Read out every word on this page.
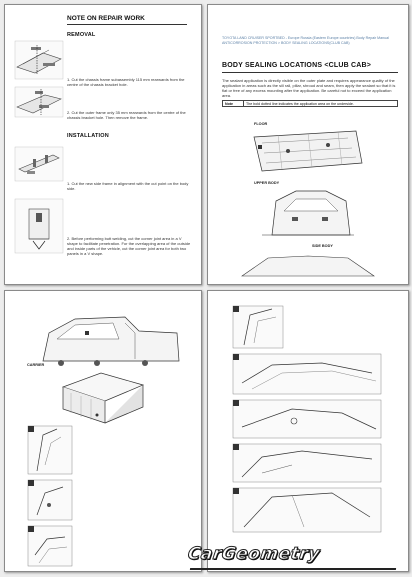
NOTE ON REPAIR WORK
REMOVAL
1. Cut the chassis frame subassembly 115 mm rearwards from the centre of the chassis bracket hole.
2. Cut the outer frame only 35 mm rearwards from the centre of the chassis bracket hole. Then remove the frame.
INSTALLATION
1. Cut the new side frame in alignment with the cut point on the body side.
2. Before performing butt welding, cut the corner joint area in a V shape to facilitate penetration. For the overlapping area of the outside and inside parts of the vehicle, cut the corner joint area for both two panels in a V shape.
TOYOTA LAND CRUISER SPORTBED - Europe Russia (Eastern Europe countries) Body Repair Manual
ANTICORROSION PROTECTION > BODY SEALING LOCATIONS(CLUB CAB)
BODY SEALING LOCATIONS <CLUB CAB>
The sealant application is directly visible on the outer plate and requires appearance quality of the application in areas such as the sill rail, pillar, shroud and seam, then apply the sealant so that it is flat or free of any excess mounting after the application. Be careful not to exceed the application area.
Note	The bold dotted line indicates the application area on the underside.
FLOOR
UPPER BODY
SIDE BODY
CARRIER
CarGeometry
